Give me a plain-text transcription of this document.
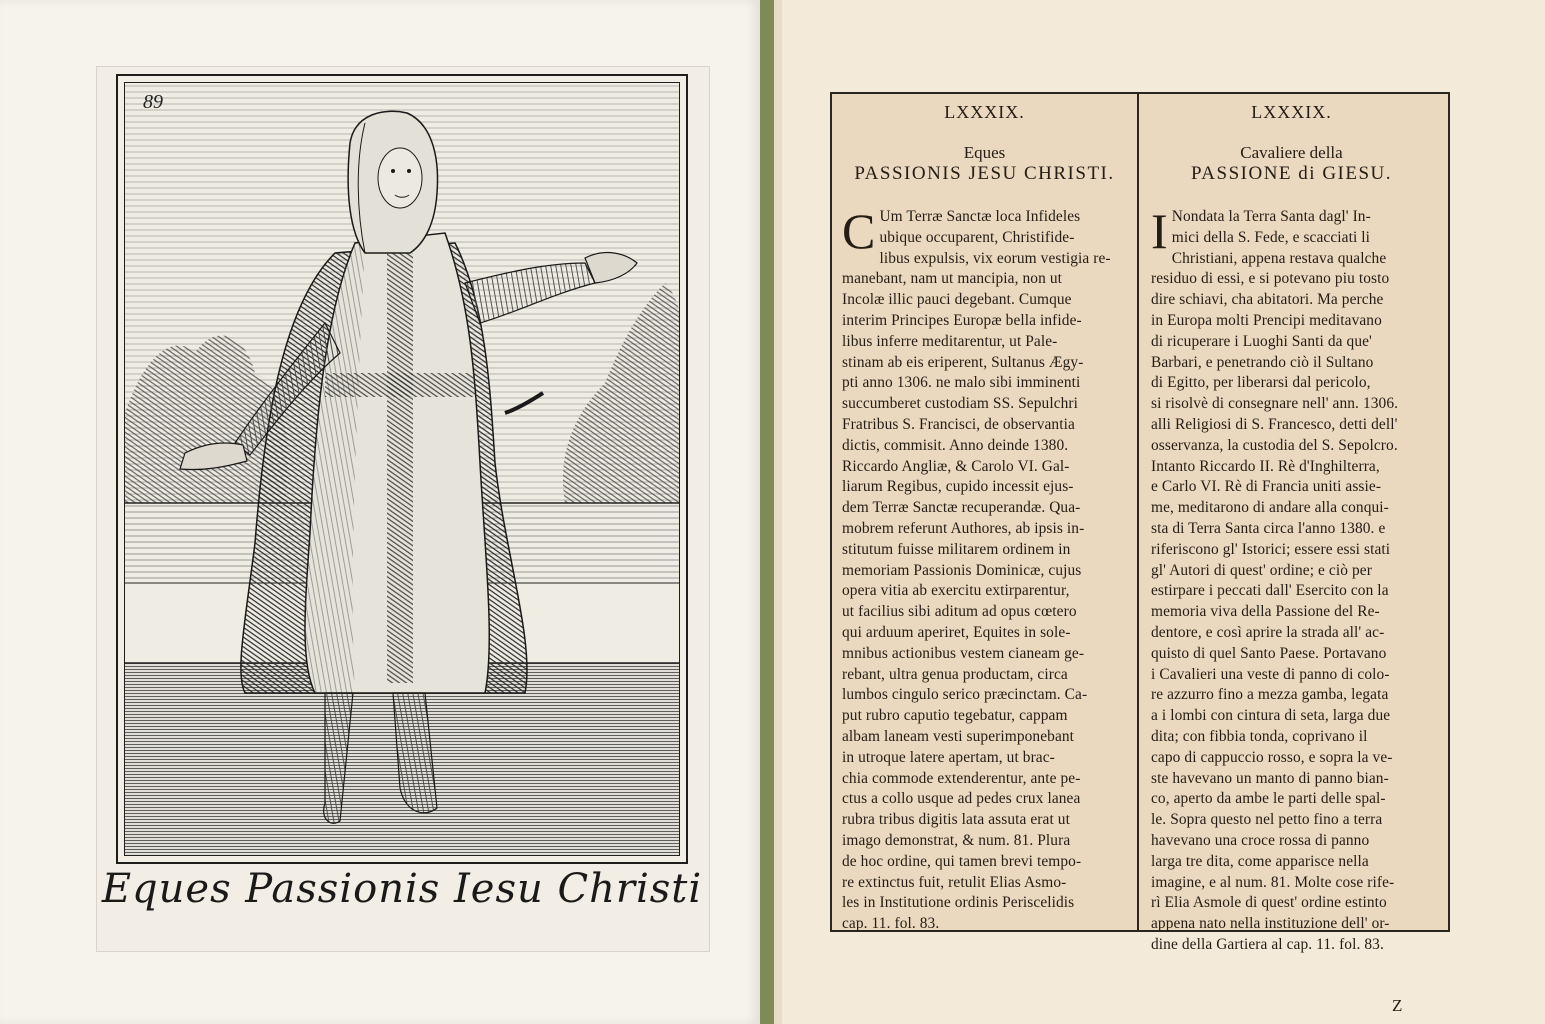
89
Eques Passionis Iesu Christi
LXXXIX.
Eques
PASSIONIS JESU CHRISTI.
C Um Terræ Sanctæ loca Infideles
ubique occuparent, Christifide-
libus expulsis, vix eorum vestigia re-
manebant, nam ut mancipia, non ut
Incolæ illic pauci degebant. Cumque
interim Principes Europæ bella infide-
libus inferre meditarentur, ut Pale-
stinam ab eis eriperent, Sultanus Ægy-
pti anno 1306. ne malo sibi imminenti
succumberet custodiam SS. Sepulchri
Fratribus S. Francisci, de observantia
dictis, commisit. Anno deinde 1380.
Riccardo Angliæ, & Carolo VI. Gal-
liarum Regibus, cupido incessit ejus-
dem Terræ Sanctæ recuperandæ. Qua-
mobrem referunt Authores, ab ipsis in-
stitutum fuisse militarem ordinem in
memoriam Passionis Dominicæ, cujus
opera vitia ab exercitu extirparentur,
ut facilius sibi aditum ad opus cœtero
qui arduum aperiret, Equites in sole-
mnibus actionibus vestem cianeam ge-
rebant, ultra genua productam, circa
lumbos cingulo serico præcinctam. Ca-
put rubro caputio tegebatur, cappam
albam laneam vesti superimponebant
in utroque latere apertam, ut brac-
chia commode extenderentur, ante pe-
ctus a collo usque ad pedes crux lanea
rubra tribus digitis lata assuta erat ut
imago demonstrat, & num. 81. Plura
de hoc ordine, qui tamen brevi tempo-
re extinctus fuit, retulit Elias Asmo-
les in Institutione ordinis Periscelidis
cap. 11. fol. 83.
LXXXIX.
Cavaliere della
PASSIONE di GIESU.
I Nondata la Terra Santa dagl' In-
mici della S. Fede, e scacciati li
Christiani, appena restava qualche
residuo di essi, e si potevano piu tosto
dire schiavi, cha abitatori. Ma perche
in Europa molti Prencipi meditavano
di ricuperare i Luoghi Santi da que'
Barbari, e penetrando ciò il Sultano
di Egitto, per liberarsi dal pericolo,
si risolvè di consegnare nell' ann. 1306.
alli Religiosi di S. Francesco, detti dell'
osservanza, la custodia del S. Sepolcro.
Intanto Riccardo II. Rè d'Inghilterra,
e Carlo VI. Rè di Francia uniti assie-
me, meditarono di andare alla conqui-
sta di Terra Santa circa l'anno 1380. e
riferiscono gl' Istorici; essere essi stati
gl' Autori di quest' ordine; e ciò per
estirpare i peccati dall' Esercito con la
memoria viva della Passione del Re-
dentore, e così aprire la strada all' ac-
quisto di quel Santo Paese. Portavano
i Cavalieri una veste di panno di colo-
re azzurro fino a mezza gamba, legata
a i lombi con cintura di seta, larga due
dita; con fibbia tonda, coprivano il
capo di cappuccio rosso, e sopra la ve-
ste havevano un manto di panno bian-
co, aperto da ambe le parti delle spal-
le. Sopra questo nel petto fino a terra
havevano una croce rossa di panno
larga tre dita, come apparisce nella
imagine, e al num. 81. Molte cose rife-
rì Elia Asmole di quest' ordine estinto
appena nato nella instituzione dell' or-
dine della Gartiera al cap. 11. fol. 83.
Z
